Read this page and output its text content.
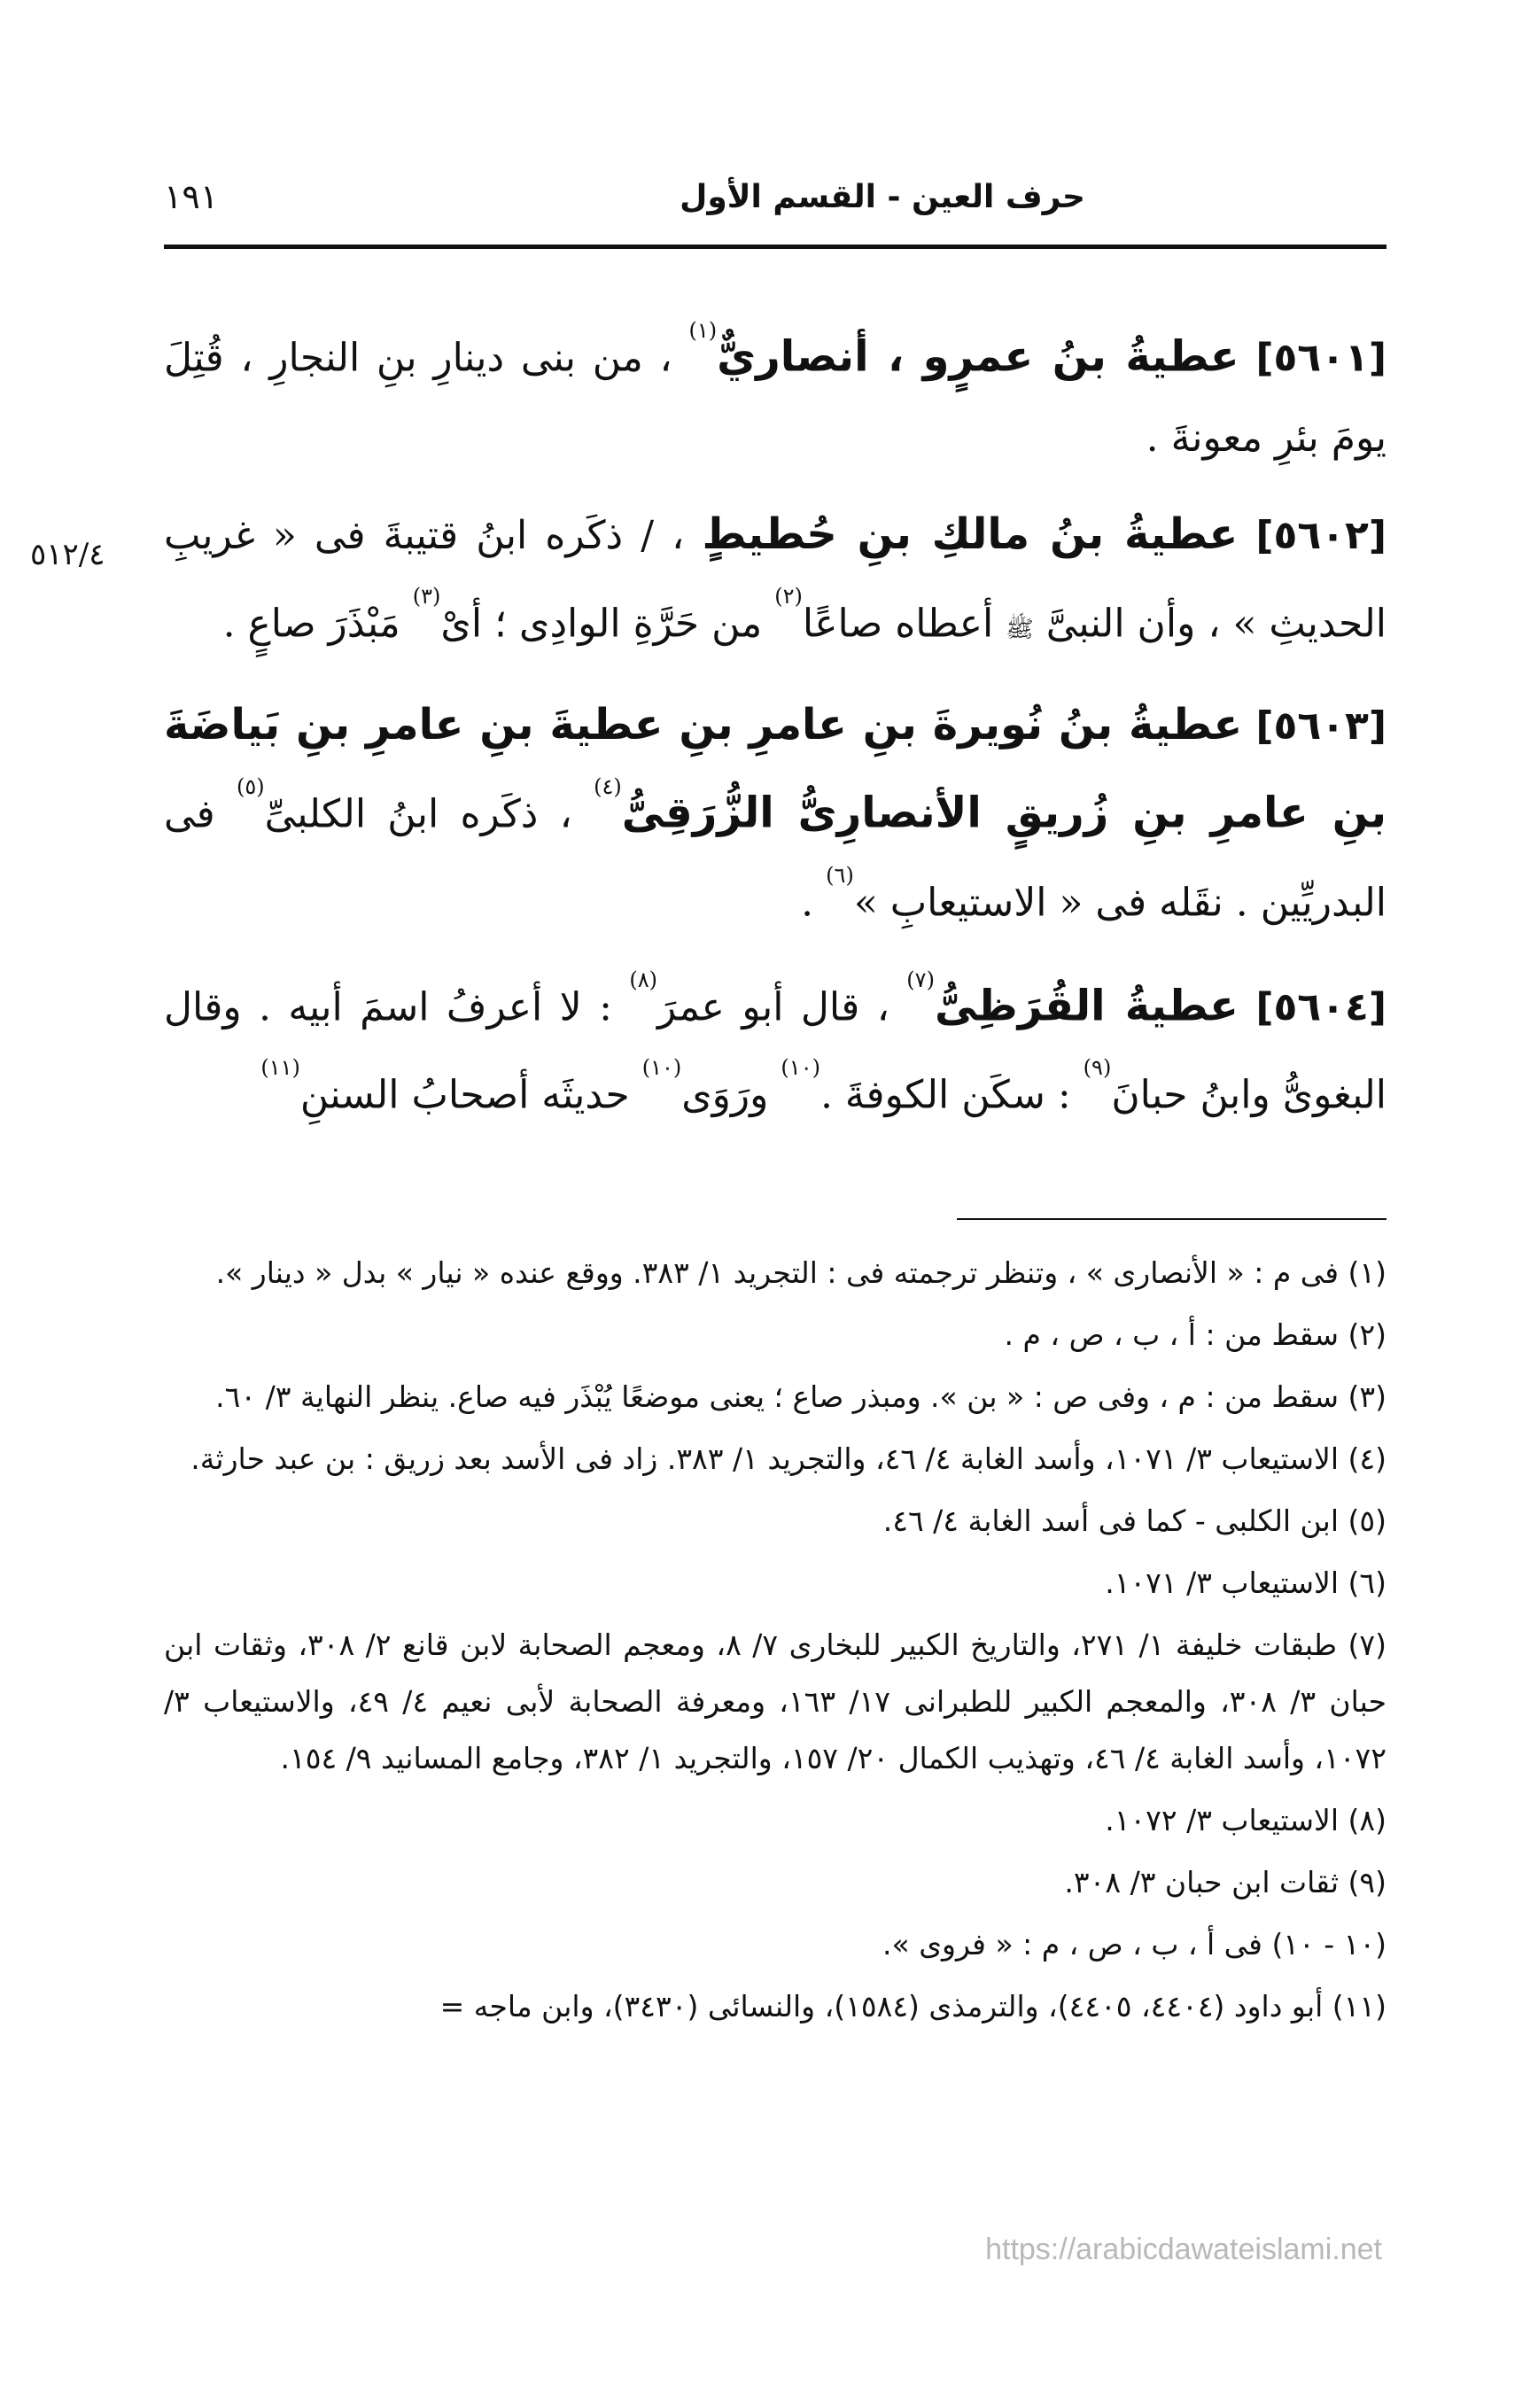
حرف العين - القسم الأول
١٩١
٥١٢/٤

[٥٦٠١] عطيةُ بنُ عمرٍو ، أنصاريٌّ$^{(١)}$ ، من بنى دينارِ بنِ النجارِ ، قُتِلَ يومَ بئرِ معونةَ .

[٥٦٠٢] عطيةُ بنُ مالكِ بنِ حُطيطٍ ، / ذكَره ابنُ قتيبةَ فى « غريبِ الحديثِ » ، وأن النبىَّ ﷺ أعطاه صاعًا$^{(٢)}$ من حَرَّةِ الوادِى ؛ أىْ$^{(٣)}$ مَبْذَرَ صاعٍ .

[٥٦٠٣] عطيةُ بنُ نُويرةَ بنِ عامرِ بنِ عطيةَ بنِ عامرِ بنِ بَياضَةَ بنِ عامرِ بنِ زُريقٍ الأنصارِىُّ الزُّرَقِىُّ$^{(٤)}$ ، ذكَره ابنُ الكلبىِّ$^{(٥)}$ فى البدريِّين . نقَله فى « الاستيعابِ »$^{(٦)}$ .

[٥٦٠٤] عطيةُ القُرَظِىُّ$^{(٧)}$ ، قال أبو عمرَ$^{(٨)}$ : لا أعرفُ اسمَ أبيه . وقال البغوىُّ وابنُ حبانَ$^{(٩)}$ : سكَن الكوفةَ .$^{(١٠)}$ ورَوَى$^{(١٠)}$ حديثَه أصحابُ السننِ$^{(١١)}$

(١) فى م : « الأنصارى » ، وتنظر ترجمته فى : التجريد ١/ ٣٨٣. ووقع عنده « نيار » بدل « دينار ».

(٢) سقط من : أ ، ب ، ص ، م .

(٣) سقط من : م ، وفى ص : « بن ». ومبذر صاع ؛ يعنى موضعًا يُبْذَر فيه صاع. ينظر النهاية ٣/ ٦٠.

(٤) الاستيعاب ٣/ ١٠٧١، وأسد الغابة ٤/ ٤٦، والتجريد ١/ ٣٨٣. زاد فى الأسد بعد زريق : بن عبد حارثة.

(٥) ابن الكلبى - كما فى أسد الغابة ٤/ ٤٦.

(٦) الاستيعاب ٣/ ١٠٧١.

(٧) طبقات خليفة ١/ ٢٧١، والتاريخ الكبير للبخارى ٧/ ٨، ومعجم الصحابة لابن قانع ٢/ ٣٠٨، وثقات ابن حبان ٣/ ٣٠٨، والمعجم الكبير للطبرانى ١٧/ ١٦٣، ومعرفة الصحابة لأبى نعيم ٤/ ٤٩، والاستيعاب ٣/ ١٠٧٢، وأسد الغابة ٤/ ٤٦، وتهذيب الكمال ٢٠/ ١٥٧، والتجريد ١/ ٣٨٢، وجامع المسانيد ٩/ ١٥٤.

(٨) الاستيعاب ٣/ ١٠٧٢.

(٩) ثقات ابن حبان ٣/ ٣٠٨.

(١٠ - ١٠) فى أ ، ب ، ص ، م : « فروى ».

(١١) أبو داود (٤٤٠٤، ٤٤٠٥)، والترمذى (١٥٨٤)، والنسائى (٣٤٣٠)، وابن ماجه =

https://arabicdawateislami.net
